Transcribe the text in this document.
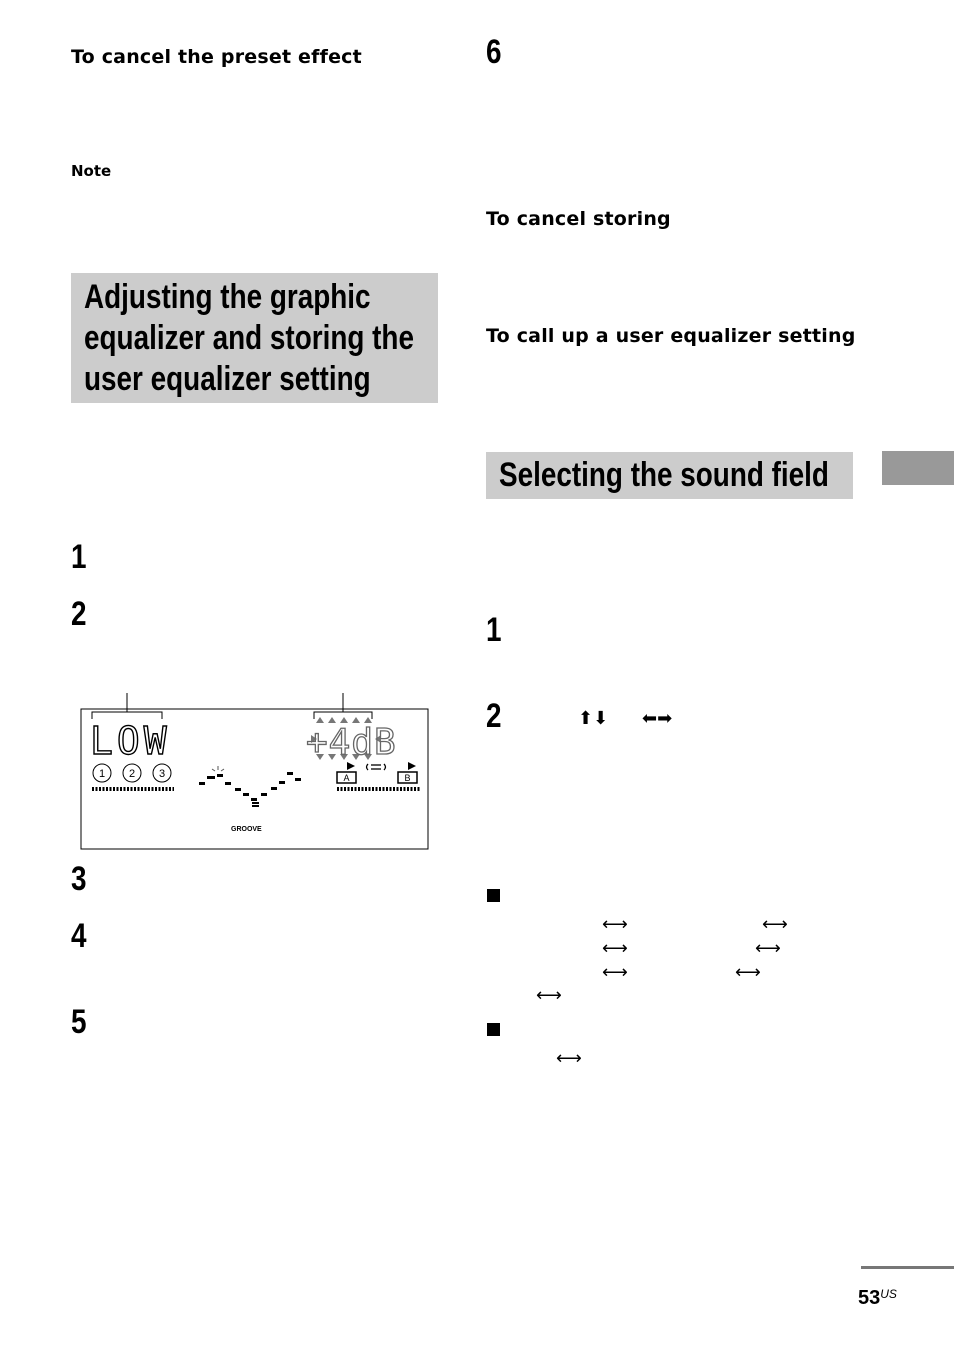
To cancel the preset effect
Note
Adjusting the graphic
equalizer and storing the
user equalizer setting
1
2
LOW	+4dB
1 2 3	A	B
GROOVE
3
4
5
6
To cancel storing
To call up a user equalizer setting
Selecting the sound field
1
2	⬆⬇ ⬅➡
⟷	⟷
⟷	⟷
⟷	⟷
⟷
⟷
$53^{US}$
